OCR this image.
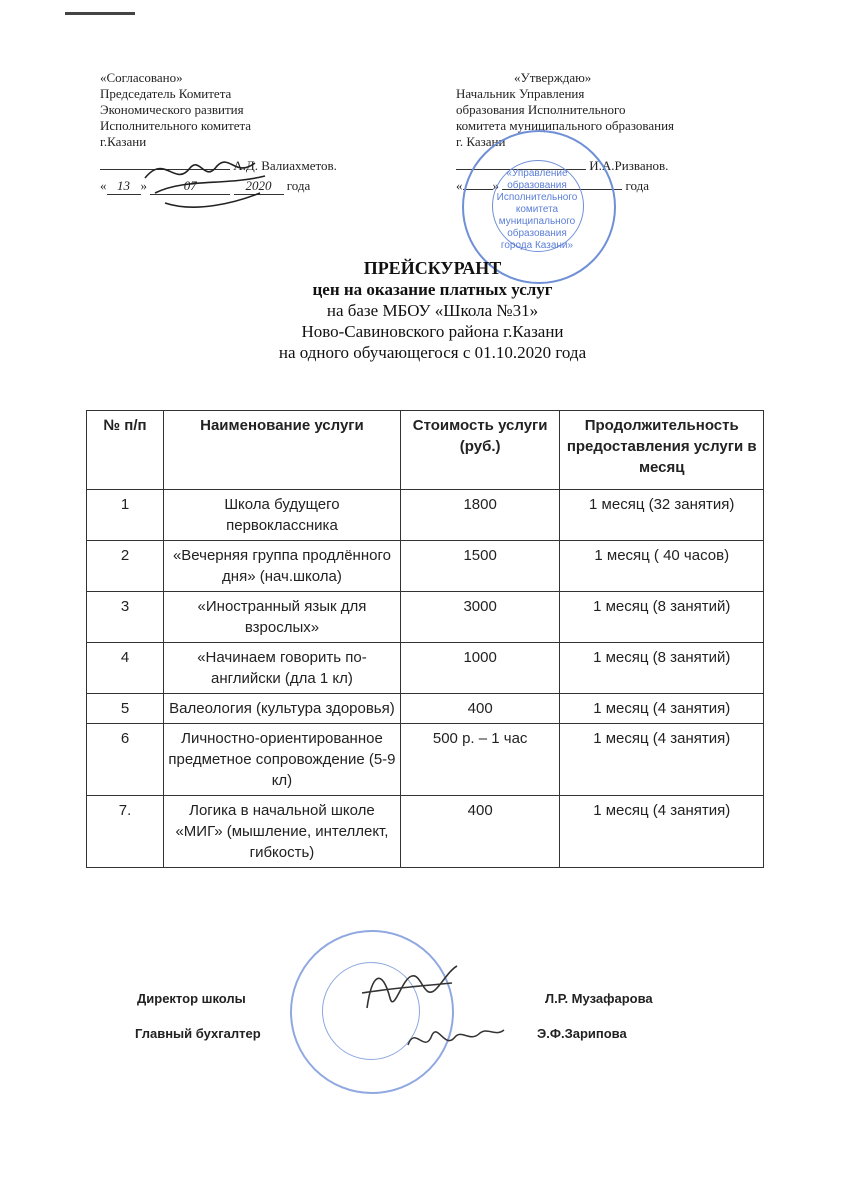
«Согласовано»
Председатель Комитета
Экономического развития
Исполнительного комитета
г.Казани
А.Д. Валиахметов.
« 13 »	07	2020 года
«Утверждаю»
Начальник Управления
образования Исполнительного
комитета муниципального образования
г. Казани
И.А.Ризванов.
« »	года
«Управление
образования
Исполнительного
комитета
муниципального
образования
города Казани»
ПРЕЙСКУРАНТ
цен на оказание платных услуг
на базе МБОУ «Школа №31»
Ново-Савиновского района г.Казани
на одного обучающегося с 01.10.2020 года
№ п/п	Наименование услуги	Стоимость услуги (руб.)	Продолжительность предоставления услуги в месяц
1	Школа будущего первоклассника	1800	1 месяц (32 занятия)
2	«Вечерняя группа продлённого дня» (нач.школа)	1500	1 месяц ( 40 часов)
3	«Иностранный язык для взрослых»	3000	1 месяц (8 занятий)
4	«Начинаем говорить по-английски (дла 1 кл)	1000	1 месяц (8 занятий)
5	Валеология (культура здоровья)	400	1 месяц (4 занятия)
6	Личностно-ориентированное предметное сопровождение (5-9 кл)	500 р. – 1 час	1 месяц (4 занятия)
7.	Логика в начальной школе «МИГ» (мышление, интеллект, гибкость)	400	1 месяц (4 занятия)
Директор школы	Л.Р. Музафарова
Главный бухгалтер	Э.Ф.Зарипова
